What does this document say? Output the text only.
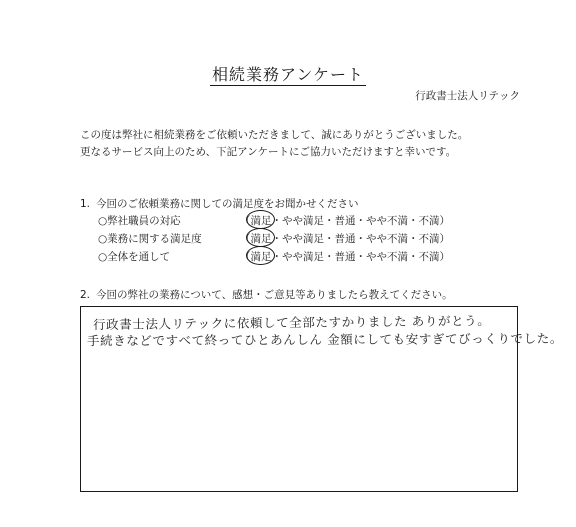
相続業務アンケート
行政書士法人リテック
この度は弊社に相続業務をご依頼いただきまして、誠にありがとうございました。
更なるサービス向上のため、下記アンケートにご協力いただけますと幸いです。
1. 今回のご依頼業務に関しての満足度をお聞かせください
○弊社職員の対応	（満足・やや満足・普通・やや不満・不満）
○業務に関する満足度	（満足・やや満足・普通・やや不満・不満）
○全体を通して	（満足・やや満足・普通・やや不満・不満）
2. 今回の弊社の業務について、感想・ご意見等ありましたら教えてください。
行政書士法人リテックに依頼して全部たすかりました ありがとう。
手続きなどですべて終ってひとあんしん 金額にしても安すぎてびっくりでした。
